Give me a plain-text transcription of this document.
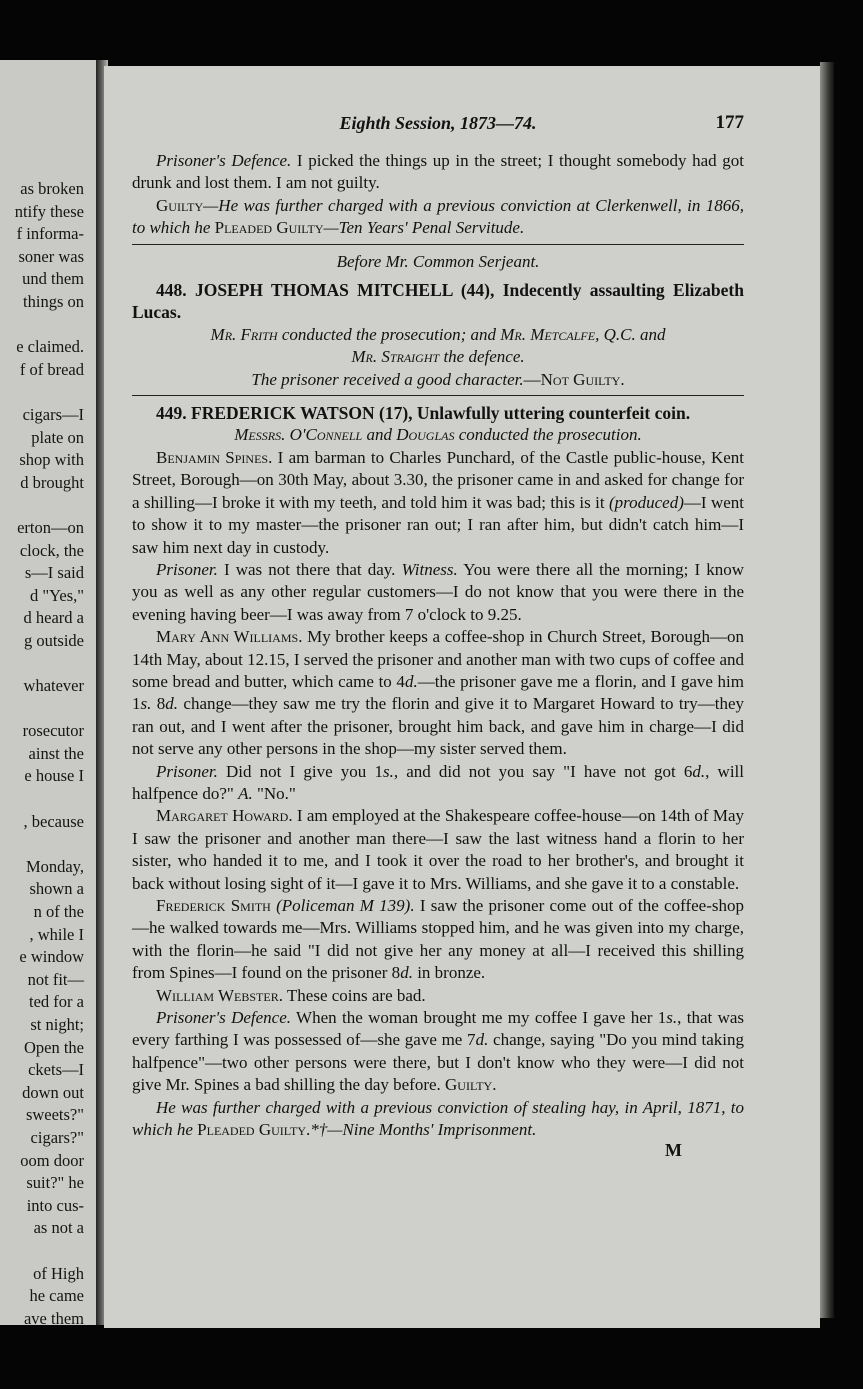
as broken
ntify these
f informa-
soner was
und them
things on

e claimed.
f of bread

cigars—I
plate on
shop with
d brought

erton—on
clock, the
s—I said
d "Yes,"
d heard a
g outside

whatever

rosecutor
ainst the
e house I

, because

Monday,
shown a
n of the
, while I
e window
not fit—
ted for a
st night;
Open the
ckets—I
down out
sweets?"
cigars?"
oom door
suit?" he
into cus-
as not a

of High
he came
ave them
Eighth Session, 1873—74.	177

Prisoner's Defence. I picked the things up in the street; I thought somebody had got drunk and lost them. I am not guilty.

Guilty—He was further charged with a previous conviction at Clerkenwell, in 1866, to which he Pleaded Guilty—Ten Years' Penal Servitude.

Before Mr. Common Serjeant.

448. JOSEPH THOMAS MITCHELL (44), Indecently assaulting Elizabeth Lucas.

Mr. Frith conducted the prosecution; and Mr. Metcalfe, Q.C. and

Mr. Straight the defence.

The prisoner received a good character.—Not Guilty.

449. FREDERICK WATSON (17), Unlawfully uttering counterfeit coin.

Messrs. O'Connell and Douglas conducted the prosecution.

Benjamin Spines. I am barman to Charles Punchard, of the Castle public-house, Kent Street, Borough—on 30th May, about 3.30, the prisoner came in and asked for change for a shilling—I broke it with my teeth, and told him it was bad; this is it (produced)—I went to show it to my master—the prisoner ran out; I ran after him, but didn't catch him—I saw him next day in custody.

Prisoner. I was not there that day. Witness. You were there all the morning; I know you as well as any other regular customers—I do not know that you were there in the evening having beer—I was away from 7 o'clock to 9.25.

Mary Ann Williams. My brother keeps a coffee-shop in Church Street, Borough—on 14th May, about 12.15, I served the prisoner and another man with two cups of coffee and some bread and butter, which came to 4d.—the prisoner gave me a florin, and I gave him 1s. 8d. change—they saw me try the florin and give it to Margaret Howard to try—they ran out, and I went after the prisoner, brought him back, and gave him in charge—I did not serve any other persons in the shop—my sister served them.

Prisoner. Did not I give you 1s., and did not you say "I have not got 6d., will halfpence do?" A. "No."

Margaret Howard. I am employed at the Shakespeare coffee-house—on 14th of May I saw the prisoner and another man there—I saw the last witness hand a florin to her sister, who handed it to me, and I took it over the road to her brother's, and brought it back without losing sight of it—I gave it to Mrs. Williams, and she gave it to a constable.

Frederick Smith (Policeman M 139). I saw the prisoner come out of the coffee-shop—he walked towards me—Mrs. Williams stopped him, and he was given into my charge, with the florin—he said "I did not give her any money at all—I received this shilling from Spines—I found on the prisoner 8d. in bronze.

William Webster. These coins are bad.

Prisoner's Defence. When the woman brought me my coffee I gave her 1s., that was every farthing I was possessed of—she gave me 7d. change, saying "Do you mind taking halfpence"—two other persons were there, but I don't know who they were—I did not give Mr. Spines a bad shilling the day before. Guilty.

He was further charged with a previous conviction of stealing hay, in April, 1871, to which he Pleaded Guilty.*†—Nine Months' Imprisonment.

M
